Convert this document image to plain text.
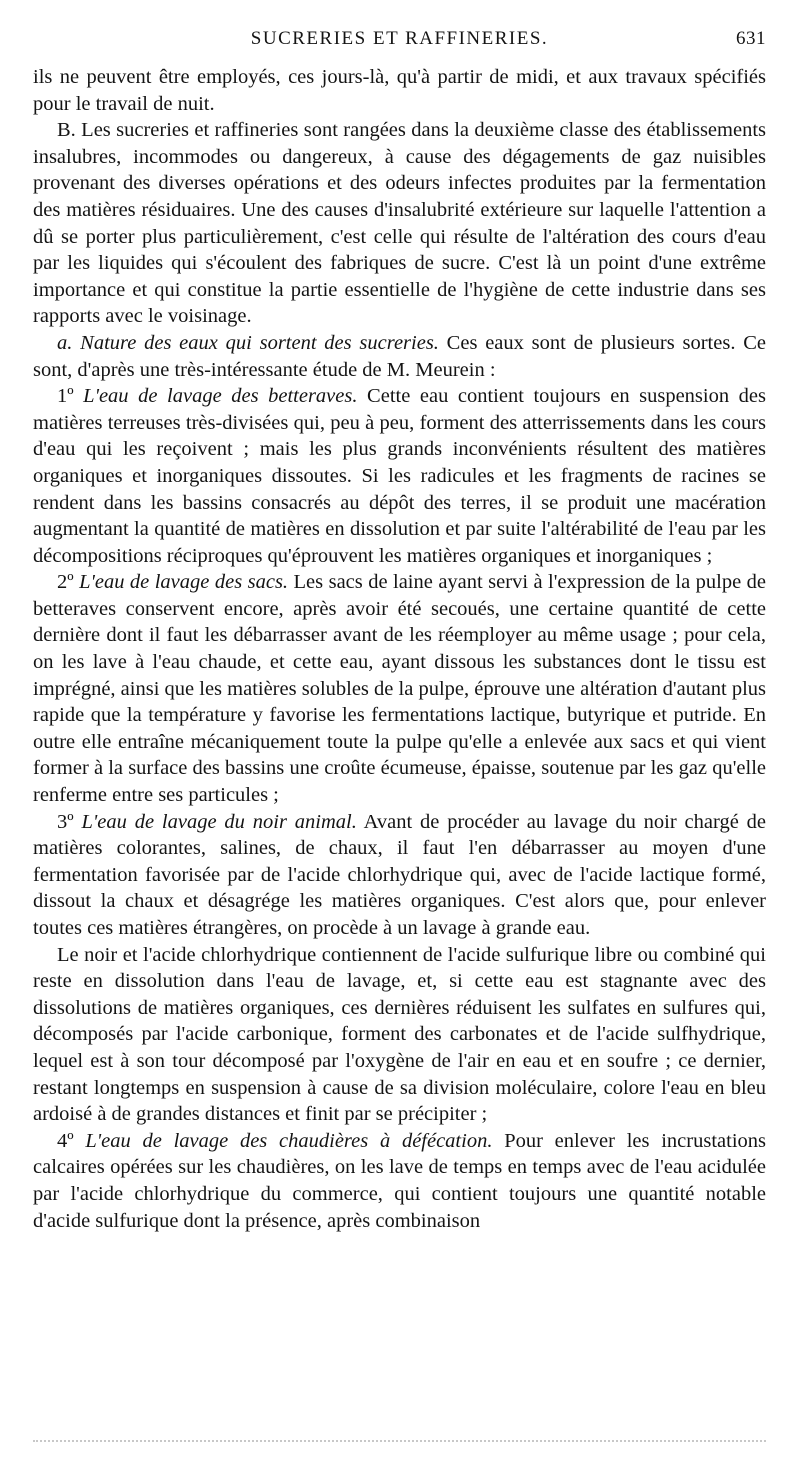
SUCRERIES ET RAFFINERIES.	631

ils ne peuvent être employés, ces jours-là, qu'à partir de midi, et aux travaux spécifiés pour le travail de nuit.

B. Les sucreries et raffineries sont rangées dans la deuxième classe des établissements insalubres, incommodes ou dangereux, à cause des dégagements de gaz nuisibles provenant des diverses opérations et des odeurs infectes produites par la fermentation des matières résiduaires. Une des causes d'insalubrité extérieure sur laquelle l'attention a dû se porter plus particulièrement, c'est celle qui résulte de l'altération des cours d'eau par les liquides qui s'écoulent des fabriques de sucre. C'est là un point d'une extrême importance et qui constitue la partie essentielle de l'hygiène de cette industrie dans ses rapports avec le voisinage.

a. Nature des eaux qui sortent des sucreries. Ces eaux sont de plusieurs sortes. Ce sont, d'après une très-intéressante étude de M. Meurein :

1º L'eau de lavage des betteraves. Cette eau contient toujours en suspension des matières terreuses très-divisées qui, peu à peu, forment des atterrissements dans les cours d'eau qui les reçoivent ; mais les plus grands inconvénients résultent des matières organiques et inorganiques dissoutes. Si les radicules et les fragments de racines se rendent dans les bassins consacrés au dépôt des terres, il se produit une macération augmentant la quantité de matières en dissolution et par suite l'altérabilité de l'eau par les décompositions réciproques qu'éprouvent les matières organiques et inorganiques ;

2º L'eau de lavage des sacs. Les sacs de laine ayant servi à l'expression de la pulpe de betteraves conservent encore, après avoir été secoués, une certaine quantité de cette dernière dont il faut les débarrasser avant de les réemployer au même usage ; pour cela, on les lave à l'eau chaude, et cette eau, ayant dissous les substances dont le tissu est imprégné, ainsi que les matières solubles de la pulpe, éprouve une altération d'autant plus rapide que la température y favorise les fermentations lactique, butyrique et putride. En outre elle entraîne mécaniquement toute la pulpe qu'elle a enlevée aux sacs et qui vient former à la surface des bassins une croûte écumeuse, épaisse, soutenue par les gaz qu'elle renferme entre ses particules ;

3º L'eau de lavage du noir animal. Avant de procéder au lavage du noir chargé de matières colorantes, salines, de chaux, il faut l'en débarrasser au moyen d'une fermentation favorisée par de l'acide chlorhydrique qui, avec de l'acide lactique formé, dissout la chaux et désagrége les matières organiques. C'est alors que, pour enlever toutes ces matières étrangères, on procède à un lavage à grande eau.

Le noir et l'acide chlorhydrique contiennent de l'acide sulfurique libre ou combiné qui reste en dissolution dans l'eau de lavage, et, si cette eau est stagnante avec des dissolutions de matières organiques, ces dernières réduisent les sulfates en sulfures qui, décomposés par l'acide carbonique, forment des carbonates et de l'acide sulfhydrique, lequel est à son tour décomposé par l'oxygène de l'air en eau et en soufre ; ce dernier, restant longtemps en suspension à cause de sa division moléculaire, colore l'eau en bleu ardoisé à de grandes distances et finit par se précipiter ;

4º L'eau de lavage des chaudières à défécation. Pour enlever les incrustations calcaires opérées sur les chaudières, on les lave de temps en temps avec de l'eau acidulée par l'acide chlorhydrique du commerce, qui contient toujours une quantité notable d'acide sulfurique dont la présence, après combinaison
